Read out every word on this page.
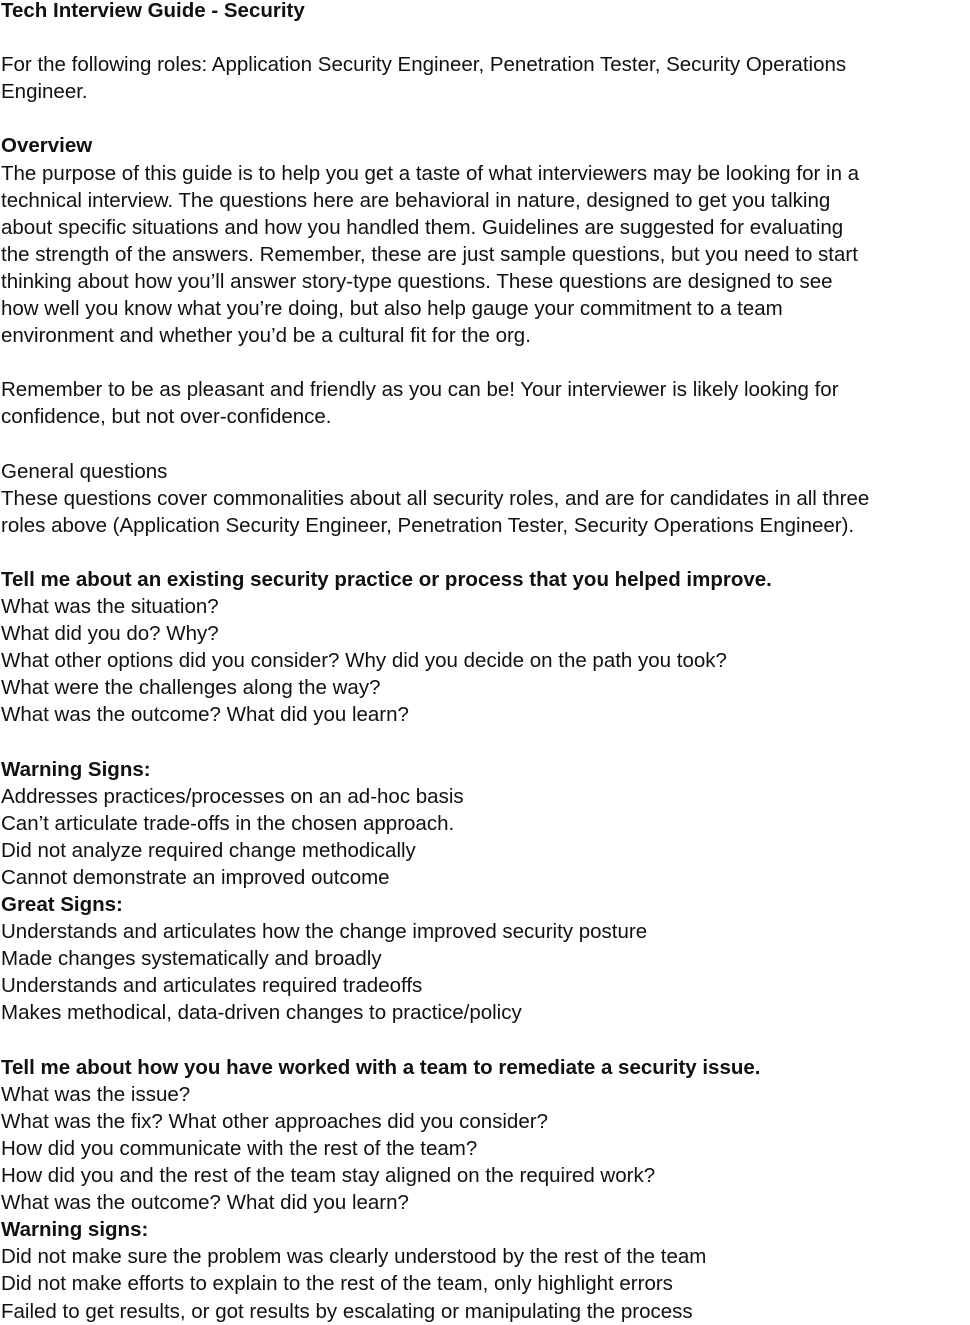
Tech Interview Guide - Security

For the following roles: Application Security Engineer, Penetration Tester, Security Operations

Engineer.

Overview

The purpose of this guide is to help you get a taste of what interviewers may be looking for in a

technical interview. The questions here are behavioral in nature, designed to get you talking

about specific situations and how you handled them. Guidelines are suggested for evaluating

the strength of the answers. Remember, these are just sample questions, but you need to start

thinking about how you’ll answer story-type questions. These questions are designed to see

how well you know what you’re doing, but also help gauge your commitment to a team

environment and whether you’d be a cultural fit for the org.

Remember to be as pleasant and friendly as you can be! Your interviewer is likely looking for

confidence, but not over-confidence.

General questions

These questions cover commonalities about all security roles, and are for candidates in all three

roles above (Application Security Engineer, Penetration Tester, Security Operations Engineer).

Tell me about an existing security practice or process that you helped improve.

What was the situation?

What did you do? Why?

What other options did you consider? Why did you decide on the path you took?

What were the challenges along the way?

What was the outcome? What did you learn?

Warning Signs:

Addresses practices/processes on an ad-hoc basis

Can’t articulate trade-offs in the chosen approach.

Did not analyze required change methodically

Cannot demonstrate an improved outcome

Great Signs:

Understands and articulates how the change improved security posture

Made changes systematically and broadly

Understands and articulates required tradeoffs

Makes methodical, data-driven changes to practice/policy

Tell me about how you have worked with a team to remediate a security issue.

What was the issue?

What was the fix? What other approaches did you consider?

How did you communicate with the rest of the team?

How did you and the rest of the team stay aligned on the required work?

What was the outcome? What did you learn?

Warning signs:

Did not make sure the problem was clearly understood by the rest of the team

Did not make efforts to explain to the rest of the team, only highlight errors

Failed to get results, or got results by escalating or manipulating the process
